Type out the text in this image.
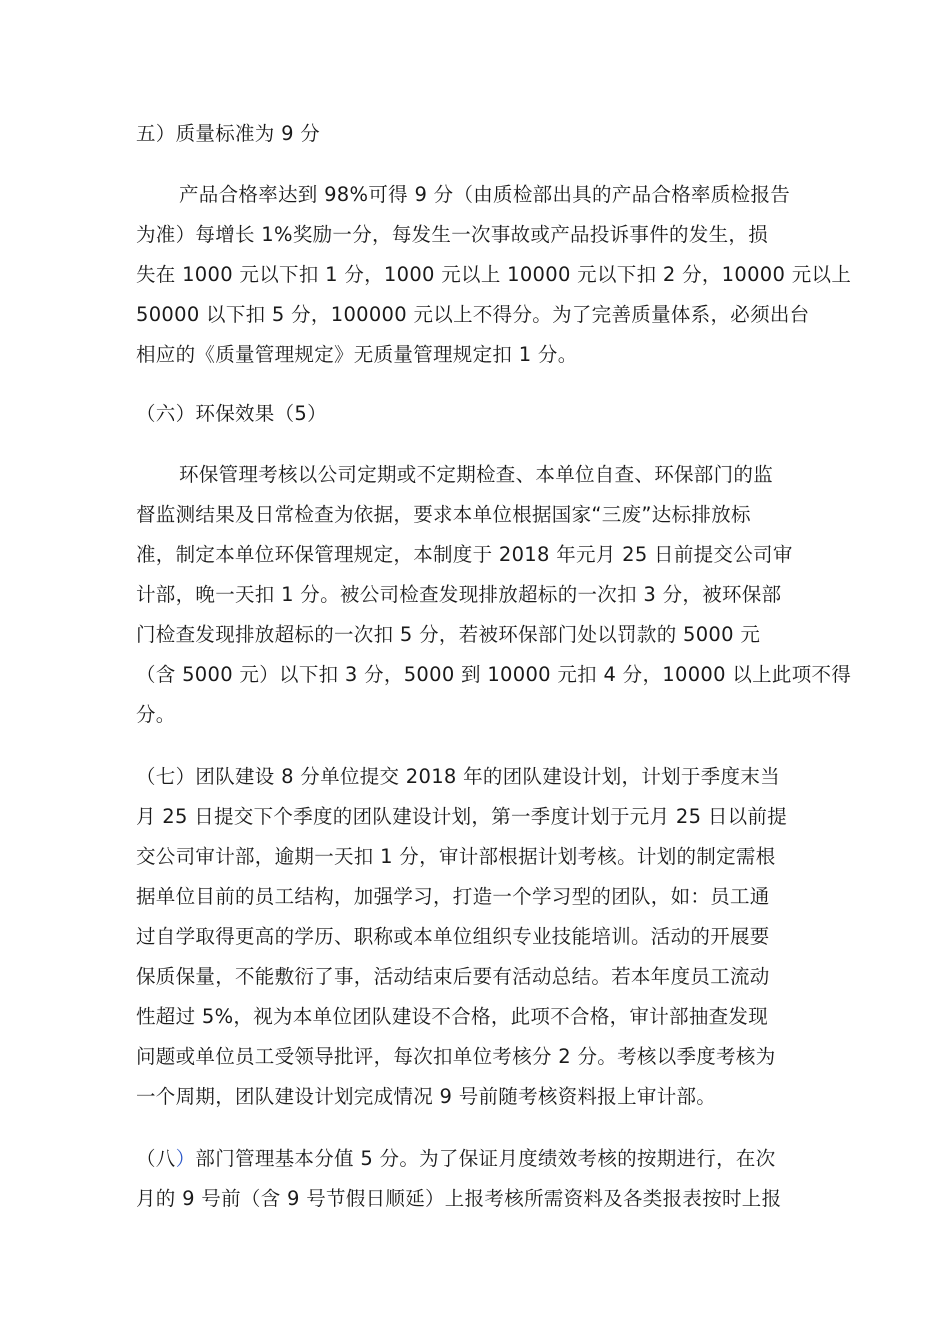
五）质量标准为 9 分
产品合格率达到 98%可得 9 分（由质检部出具的产品合格率质检报告
为准）每增长 1%奖励一分，每发生一次事故或产品投诉事件的发生，损
失在 1000 元以下扣 1 分，1000 元以上 10000 元以下扣 2 分，10000 元以上
50000 以下扣 5 分，100000 元以上不得分。为了完善质量体系，必须出台
相应的《质量管理规定》无质量管理规定扣 1 分。
（六）环保效果（5）
环保管理考核以公司定期或不定期检查、本单位自查、环保部门的监
督监测结果及日常检查为依据，要求本单位根据国家“三废”达标排放标
准，制定本单位环保管理规定，本制度于 2018 年元月 25 日前提交公司审
计部，晚一天扣 1 分。被公司检查发现排放超标的一次扣 3 分，被环保部
门检查发现排放超标的一次扣 5 分，若被环保部门处以罚款的 5000 元
（含 5000 元）以下扣 3 分，5000 到 10000 元扣 4 分，10000 以上此项不得
分。
（七）团队建设 8 分单位提交 2018 年的团队建设计划，计划于季度末当
月 25 日提交下个季度的团队建设计划，第一季度计划于元月 25 日以前提
交公司审计部，逾期一天扣 1 分，审计部根据计划考核。计划的制定需根
据单位目前的员工结构，加强学习，打造一个学习型的团队，如：员工通
过自学取得更高的学历、职称或本单位组织专业技能培训。活动的开展要
保质保量，不能敷衍了事，活动结束后要有活动总结。若本年度员工流动
性超过 5%，视为本单位团队建设不合格，此项不合格，审计部抽查发现
问题或单位员工受领导批评，每次扣单位考核分 2 分。考核以季度考核为
一个周期，团队建设计划完成情况 9 号前随考核资料报上审计部。
（八）部门管理基本分值 5 分。为了保证月度绩效考核的按期进行，在次
月的 9 号前（含 9 号节假日顺延）上报考核所需资料及各类报表按时上报
